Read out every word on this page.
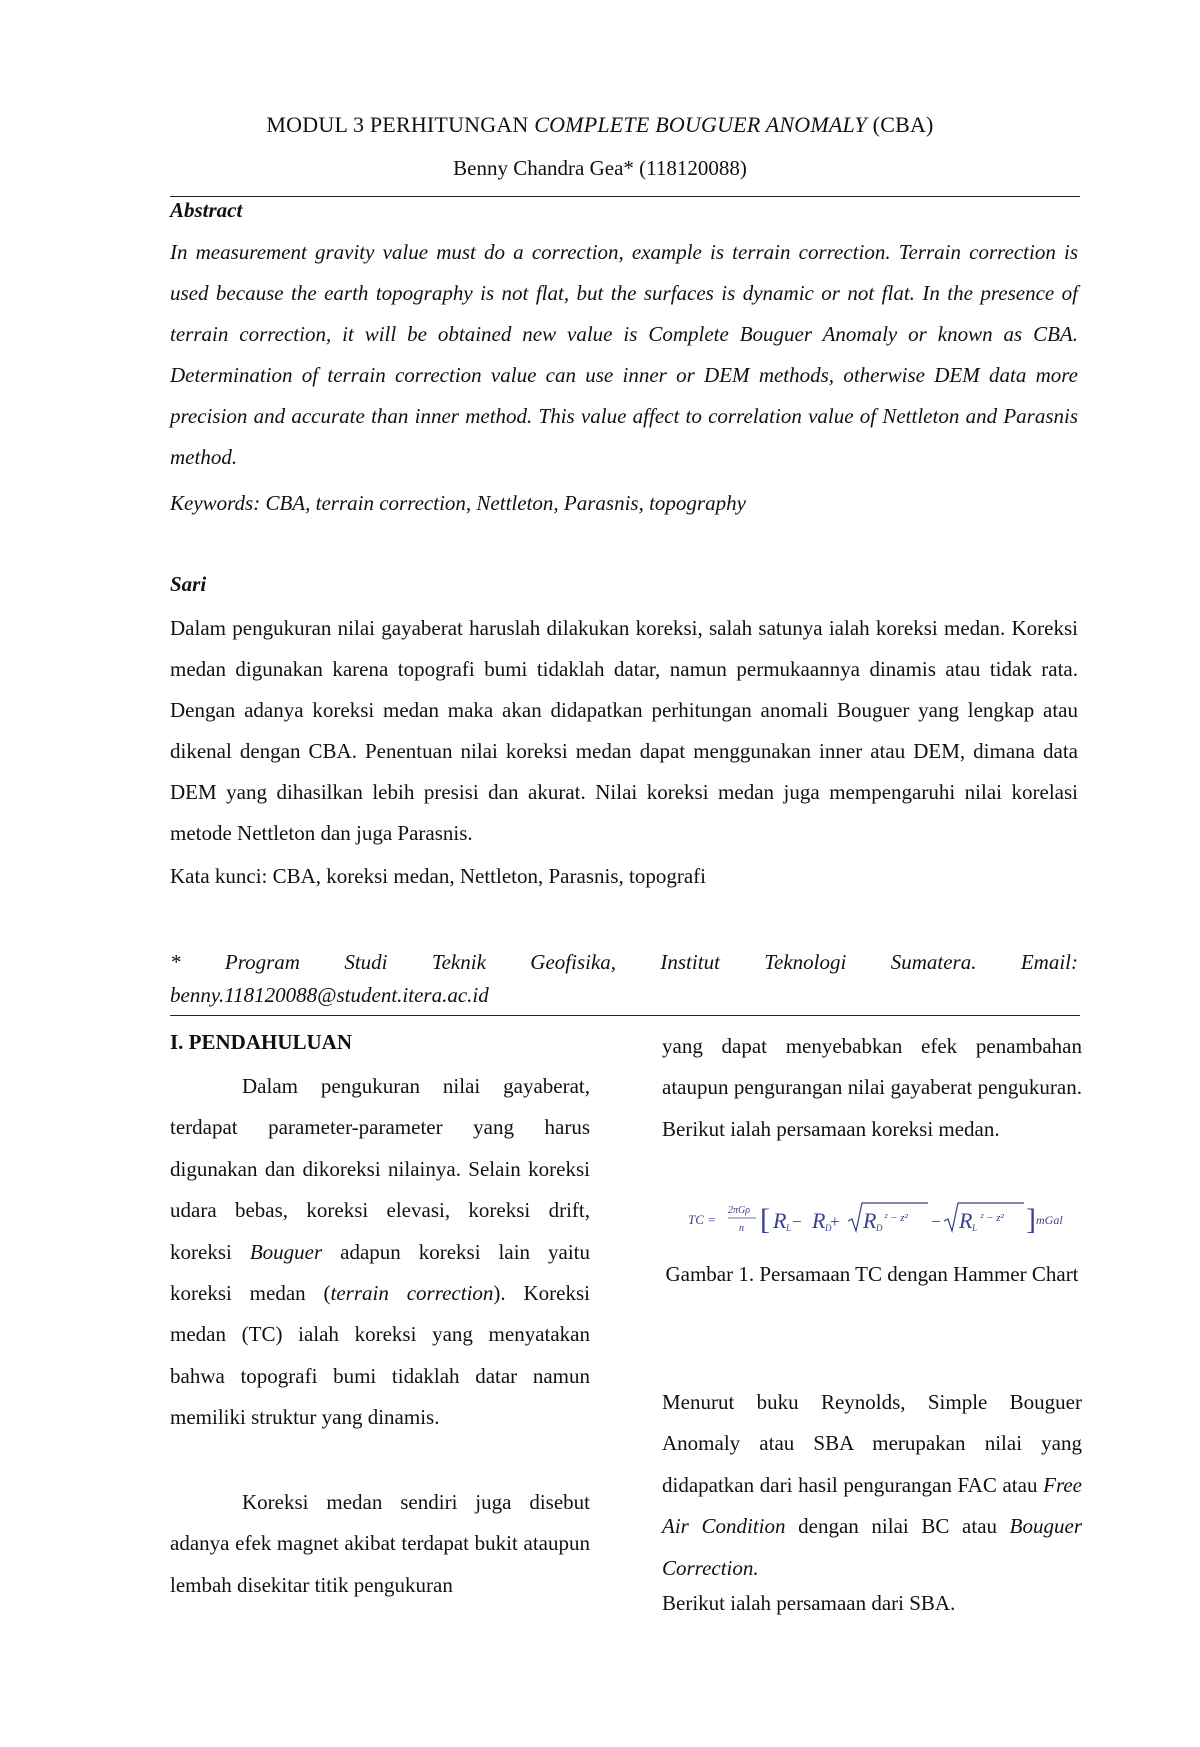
MODUL 3 PERHITUNGAN COMPLETE BOUGUER ANOMALY (CBA)
Benny Chandra Gea* (118120088)
Abstract
In measurement gravity value must do a correction, example is terrain correction. Terrain correction is used because the earth topography is not flat, but the surfaces is dynamic or not flat. In the presence of terrain correction, it will be obtained new value is Complete Bouguer Anomaly or known as CBA. Determination of terrain correction value can use inner or DEM methods, otherwise DEM data more precision and accurate than inner method. This value affect to correlation value of Nettleton and Parasnis method.
Keywords: CBA, terrain correction, Nettleton, Parasnis, topography
Sari
Dalam pengukuran nilai gayaberat haruslah dilakukan koreksi, salah satunya ialah koreksi medan. Koreksi medan digunakan karena topografi bumi tidaklah datar, namun permukaannya dinamis atau tidak rata. Dengan adanya koreksi medan maka akan didapatkan perhitungan anomali Bouguer yang lengkap atau dikenal dengan CBA. Penentuan nilai koreksi medan dapat menggunakan inner atau DEM, dimana data DEM yang dihasilkan lebih presisi dan akurat. Nilai koreksi medan juga mempengaruhi nilai korelasi metode Nettleton dan juga Parasnis.
Kata kunci: CBA, koreksi medan, Nettleton, Parasnis, topografi
* Program Studi Teknik Geofisika, Institut Teknologi Sumatera. Email:
benny.118120088@student.itera.ac.id
I. PENDAHULUAN
Dalam pengukuran nilai gayaberat, terdapat parameter-parameter yang harus digunakan dan dikoreksi nilainya. Selain koreksi udara bebas, koreksi elevasi, koreksi drift, koreksi Bouguer adapun koreksi lain yaitu koreksi medan (terrain correction). Koreksi medan (TC) ialah koreksi yang menyatakan bahwa topografi bumi tidaklah datar namun memiliki struktur yang dinamis.
Koreksi medan sendiri juga disebut adanya efek magnet akibat terdapat bukit ataupun lembah disekitar titik pengukuran
yang dapat menyebabkan efek penambahan ataupun pengurangan nilai gayaberat pengukuran. Berikut ialah persamaan koreksi medan.
TC =
2πGρ
n [ R L − R D
+ R D
² − z² − R L
² − z² ] mGal
Gambar 1. Persamaan TC dengan Hammer Chart
Menurut buku Reynolds, Simple Bouguer Anomaly atau SBA merupakan nilai yang didapatkan dari hasil pengurangan FAC atau Free Air Condition dengan nilai BC atau Bouguer Correction.
Berikut ialah persamaan dari SBA.
